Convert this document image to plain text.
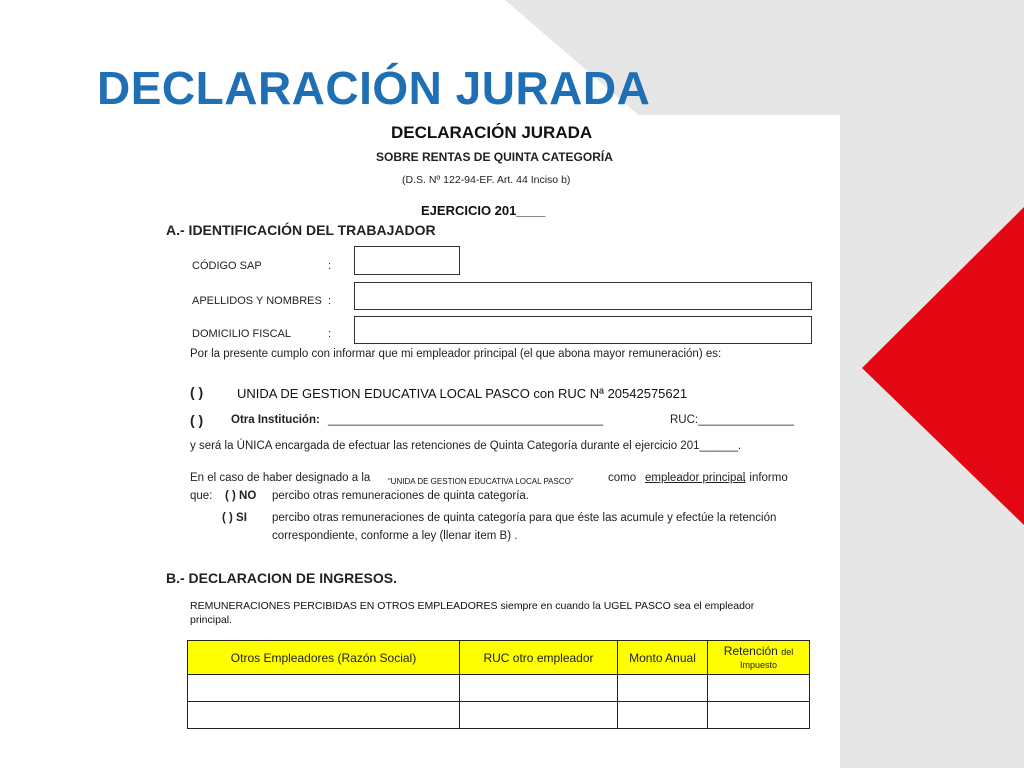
DECLARACIÓN JURADA

SOBRE RENTAS DE QUINTA CATEGORÍA

(D.S. Nº 122-94-EF. Art. 44 Inciso b)

EJERCICIO 201____

A.- IDENTIFICACIÓN DEL TRABAJADOR

CÓDIGO SAP	:

APELLIDOS Y NOMBRES :

DOMICILIO FISCAL	:

Por la presente cumplo con informar que mi empleador principal (el que abona mayor remuneración) es:

( )	UNIDA DE GESTION EDUCATIVA LOCAL PASCO con RUC Nª 20542575621

( ) Otra Institución: ___________________________________________	RUC:_______________

y será la ÚNICA encargada de efectuar las retenciones de Quinta Categoría durante el ejercicio 201______.

En el caso de haber designado a la “UNIDA DE GESTION EDUCATIVA LOCAL PASCO”	como empleador principal

, informo

que: ( ) NO percibo otras remuneraciones de quinta categoría.

( ) SI percibo otras remuneraciones de quinta categoría para que éste las acumule y efectúe la retención

correspondiente, conforme a ley (llenar item B) .

B.- DECLARACION DE INGRESOS.

REMUNERACIONES PERCIBIDAS EN OTROS EMPLEADORES siempre en cuando la UGEL PASCO sea el empleador

principal.

Otros Empleadores (Razón Social)	RUC otro empleador	Monto Anual	Retención del
Impuesto

DECLARACIÓN JURADA
